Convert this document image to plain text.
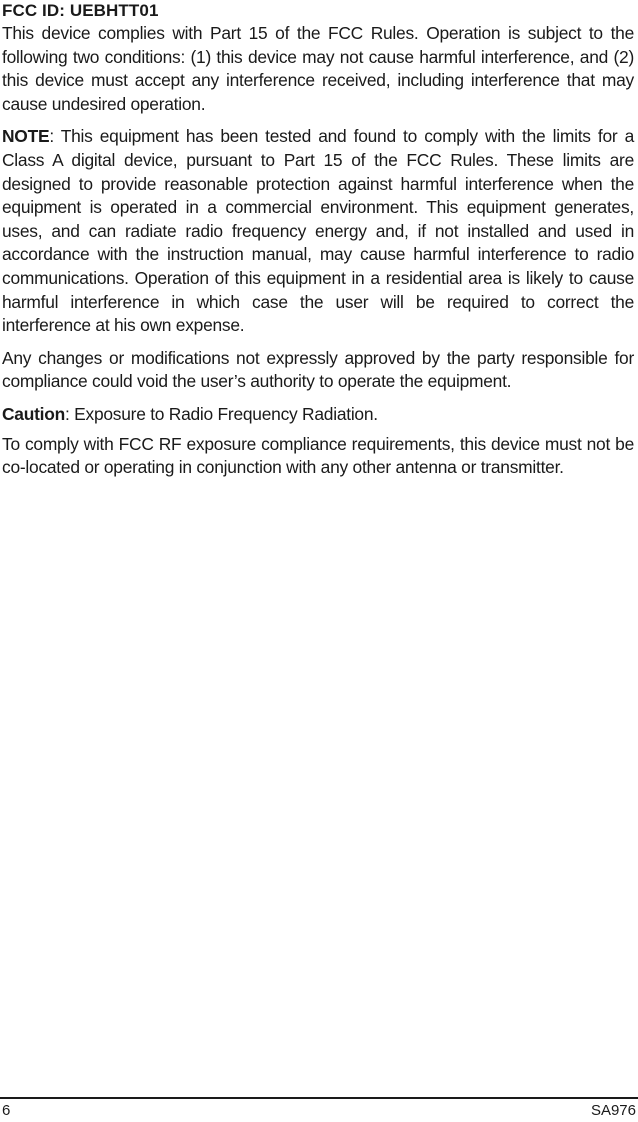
FCC ID: UEBHTT01

This device complies with Part 15 of the FCC Rules. Operation is subject to the following two conditions: (1) this device may not cause harmful interference, and (2) this device must accept any interference received, including interference that may cause undesired operation.

NOTE: This equipment has been tested and found to comply with the limits for a Class A digital device, pursuant to Part 15 of the FCC Rules. These limits are designed to provide reasonable protection against harmful interference when the equipment is operated in a commercial environment. This equipment generates, uses, and can radiate radio frequency energy and, if not installed and used in accordance with the instruction manual, may cause harmful interference to radio communications. Operation of this equipment in a residential area is likely to cause harmful interference in which case the user will be required to correct the interference at his own expense.

Any changes or modifications not expressly approved by the party responsible for compliance could void the user’s authority to operate the equipment.

Caution: Exposure to Radio Frequency Radiation.

To comply with FCC RF exposure compliance requirements, this device must not be co-located or operating in conjunction with any other antenna or transmitter.

6	SA976
